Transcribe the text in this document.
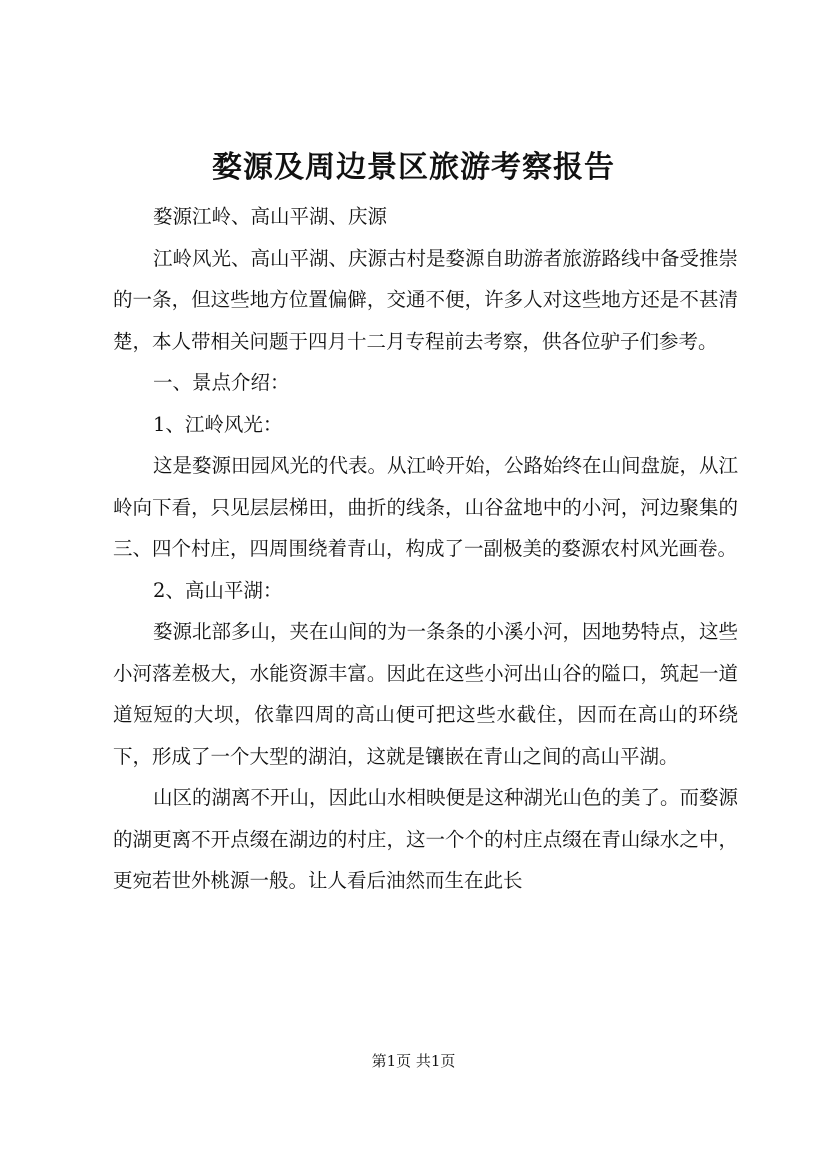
婺源及周边景区旅游考察报告

婺源江岭、高山平湖、庆源

江岭风光、高山平湖、庆源古村是婺源自助游者旅游路线中备受推崇的一条，但这些地方位置偏僻，交通不便，许多人对这些地方还是不甚清楚，本人带相关问题于四月十二月专程前去考察，供各位驴子们参考。

一、景点介绍：

1、江岭风光：

这是婺源田园风光的代表。从江岭开始，公路始终在山间盘旋，从江岭向下看，只见层层梯田，曲折的线条，山谷盆地中的小河，河边聚集的三、四个村庄，四周围绕着青山，构成了一副极美的婺源农村风光画卷。

2、高山平湖：

婺源北部多山，夹在山间的为一条条的小溪小河，因地势特点，这些小河落差极大，水能资源丰富。因此在这些小河出山谷的隘口，筑起一道道短短的大坝，依靠四周的高山便可把这些水截住，因而在高山的环绕下，形成了一个大型的湖泊，这就是镶嵌在青山之间的高山平湖。

山区的湖离不开山，因此山水相映便是这种湖光山色的美了。而婺源的湖更离不开点缀在湖边的村庄，这一个个的村庄点缀在青山绿水之中，更宛若世外桃源一般。让人看后油然而生在此长

第1页 共1页
